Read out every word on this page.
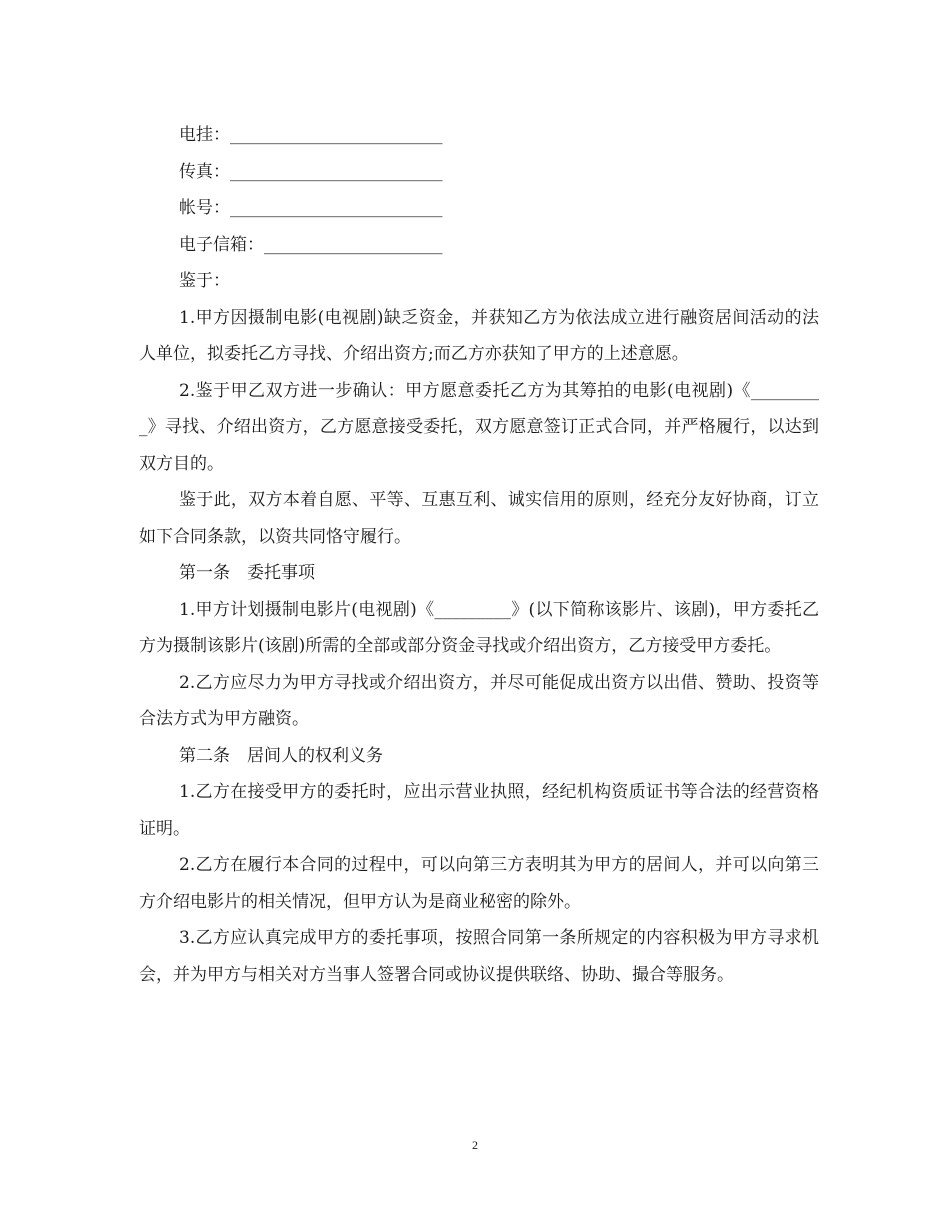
电挂：_________________________
传真：_________________________
帐号：_________________________
电子信箱：_____________________

鉴于：

1.甲方因摄制电影(电视剧)缺乏资金，并获知乙方为依法成立进行融资居间活动的法人单位，拟委托乙方寻找、介绍出资方;而乙方亦获知了甲方的上述意愿。

2.鉴于甲乙双方进一步确认：甲方愿意委托乙方为其筹拍的电影(电视剧)《_________》寻找、介绍出资方，乙方愿意接受委托，双方愿意签订正式合同，并严格履行，以达到双方目的。

鉴于此，双方本着自愿、平等、互惠互利、诚实信用的原则，经充分友好协商，订立如下合同条款，以资共同恪守履行。

第一条　委托事项

1.甲方计划摄制电影片(电视剧)《_________》(以下简称该影片、该剧)，甲方委托乙方为摄制该影片(该剧)所需的全部或部分资金寻找或介绍出资方，乙方接受甲方委托。

2.乙方应尽力为甲方寻找或介绍出资方，并尽可能促成出资方以出借、赞助、投资等合法方式为甲方融资。

第二条　居间人的权利义务

1.乙方在接受甲方的委托时，应出示营业执照，经纪机构资质证书等合法的经营资格证明。

2.乙方在履行本合同的过程中，可以向第三方表明其为甲方的居间人，并可以向第三方介绍电影片的相关情况，但甲方认为是商业秘密的除外。

3.乙方应认真完成甲方的委托事项，按照合同第一条所规定的内容积极为甲方寻求机会，并为甲方与相关对方当事人签署合同或协议提供联络、协助、撮合等服务。

2
